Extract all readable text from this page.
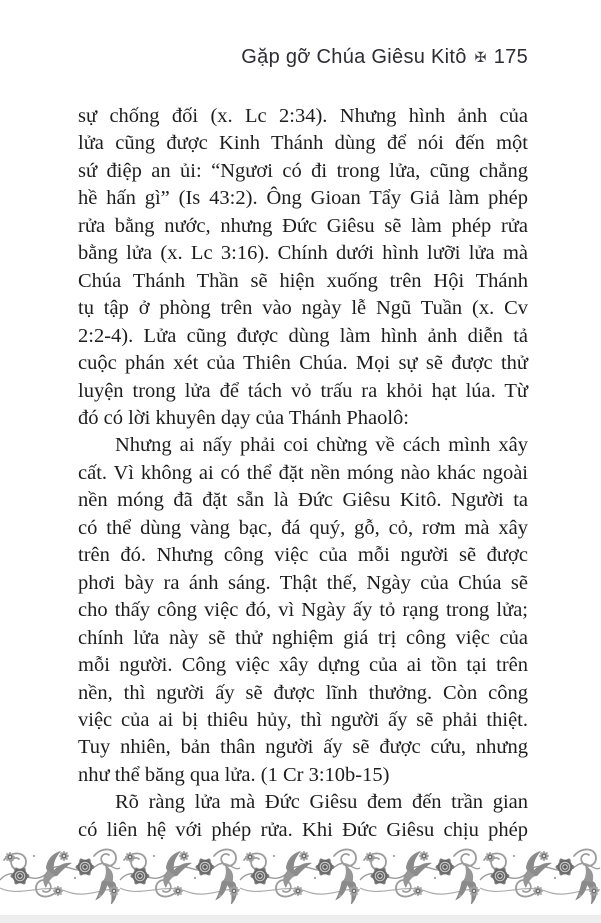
Gặp gỡ Chúa Giêsu Kitô ✠ 175
sự chống đối (x. Lc 2:34). Nhưng hình ảnh của
lửa cũng được Kinh Thánh dùng để nói đến một
sứ điệp an ủi: “Ngươi có đi trong lửa, cũng chẳng
hề hấn gì” (Is 43:2). Ông Gioan Tẩy Giả làm phép
rửa bằng nước, nhưng Đức Giêsu sẽ làm phép rửa
bằng lửa (x. Lc 3:16). Chính dưới hình lưỡi lửa mà
Chúa Thánh Thần sẽ hiện xuống trên Hội Thánh
tụ tập ở phòng trên vào ngày lễ Ngũ Tuần (x. Cv
2:2-4). Lửa cũng được dùng làm hình ảnh diễn tả
cuộc phán xét của Thiên Chúa. Mọi sự sẽ được thử
luyện trong lửa để tách vỏ trấu ra khỏi hạt lúa. Từ
đó có lời khuyên dạy của Thánh Phaolô:
Nhưng ai nấy phải coi chừng về cách mình xây
cất. Vì không ai có thể đặt nền móng nào khác ngoài
nền móng đã đặt sẵn là Đức Giêsu Kitô. Người ta
có thể dùng vàng bạc, đá quý, gỗ, cỏ, rơm mà xây
trên đó. Nhưng công việc của mỗi người sẽ được
phơi bày ra ánh sáng. Thật thế, Ngày của Chúa sẽ
cho thấy công việc đó, vì Ngày ấy tỏ rạng trong lửa;
chính lửa này sẽ thử nghiệm giá trị công việc của
mỗi người. Công việc xây dựng của ai tồn tại trên
nền, thì người ấy sẽ được lĩnh thưởng. Còn công
việc của ai bị thiêu hủy, thì người ấy sẽ phải thiệt.
Tuy nhiên, bản thân người ấy sẽ được cứu, nhưng
như thể băng qua lửa. (1 Cr 3:10b-15)
Rõ ràng lửa mà Đức Giêsu đem đến trần gian
có liên hệ với phép rửa. Khi Đức Giêsu chịu phép
